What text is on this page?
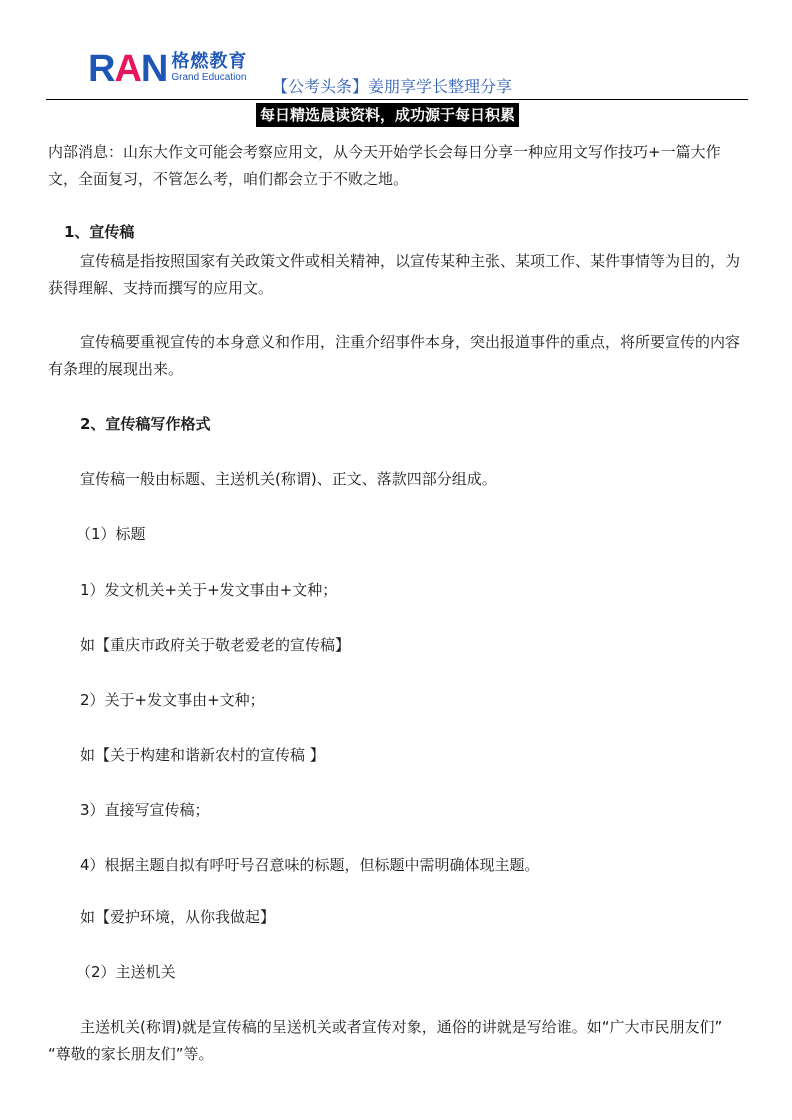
RAN 格燃教育
Grand Education 【公考头条】姜朋享学长整理分享
每日精选晨读资料，成功源于每日积累

内部消息：山东大作文可能会考察应用文，从今天开始学长会每日分享一种应用文写作技巧+一篇大作文，全面复习，不管怎么考，咱们都会立于不败之地。

1、宣传稿

宣传稿是指按照国家有关政策文件或相关精神，以宣传某种主张、某项工作、某件事情等为目的，为获得理解、支持而撰写的应用文。

宣传稿要重视宣传的本身意义和作用，注重介绍事件本身，突出报道事件的重点，将所要宣传的内容有条理的展现出来。

2、宣传稿写作格式

宣传稿一般由标题、主送机关(称谓)、正文、落款四部分组成。

（1）标题

1）发文机关+关于+发文事由+文种；

如【重庆市政府关于敬老爱老的宣传稿】

2）关于+发文事由+文种；

如【关于构建和谐新农村的宣传稿 】

3）直接写宣传稿；

4）根据主题自拟有呼吁号召意味的标题，但标题中需明确体现主题。

如【爱护环境，从你我做起】

（2）主送机关

主送机关(称谓)就是宣传稿的呈送机关或者宣传对象，通俗的讲就是写给谁。如“广大市民朋友们” “尊敬的家长朋友们”等。
